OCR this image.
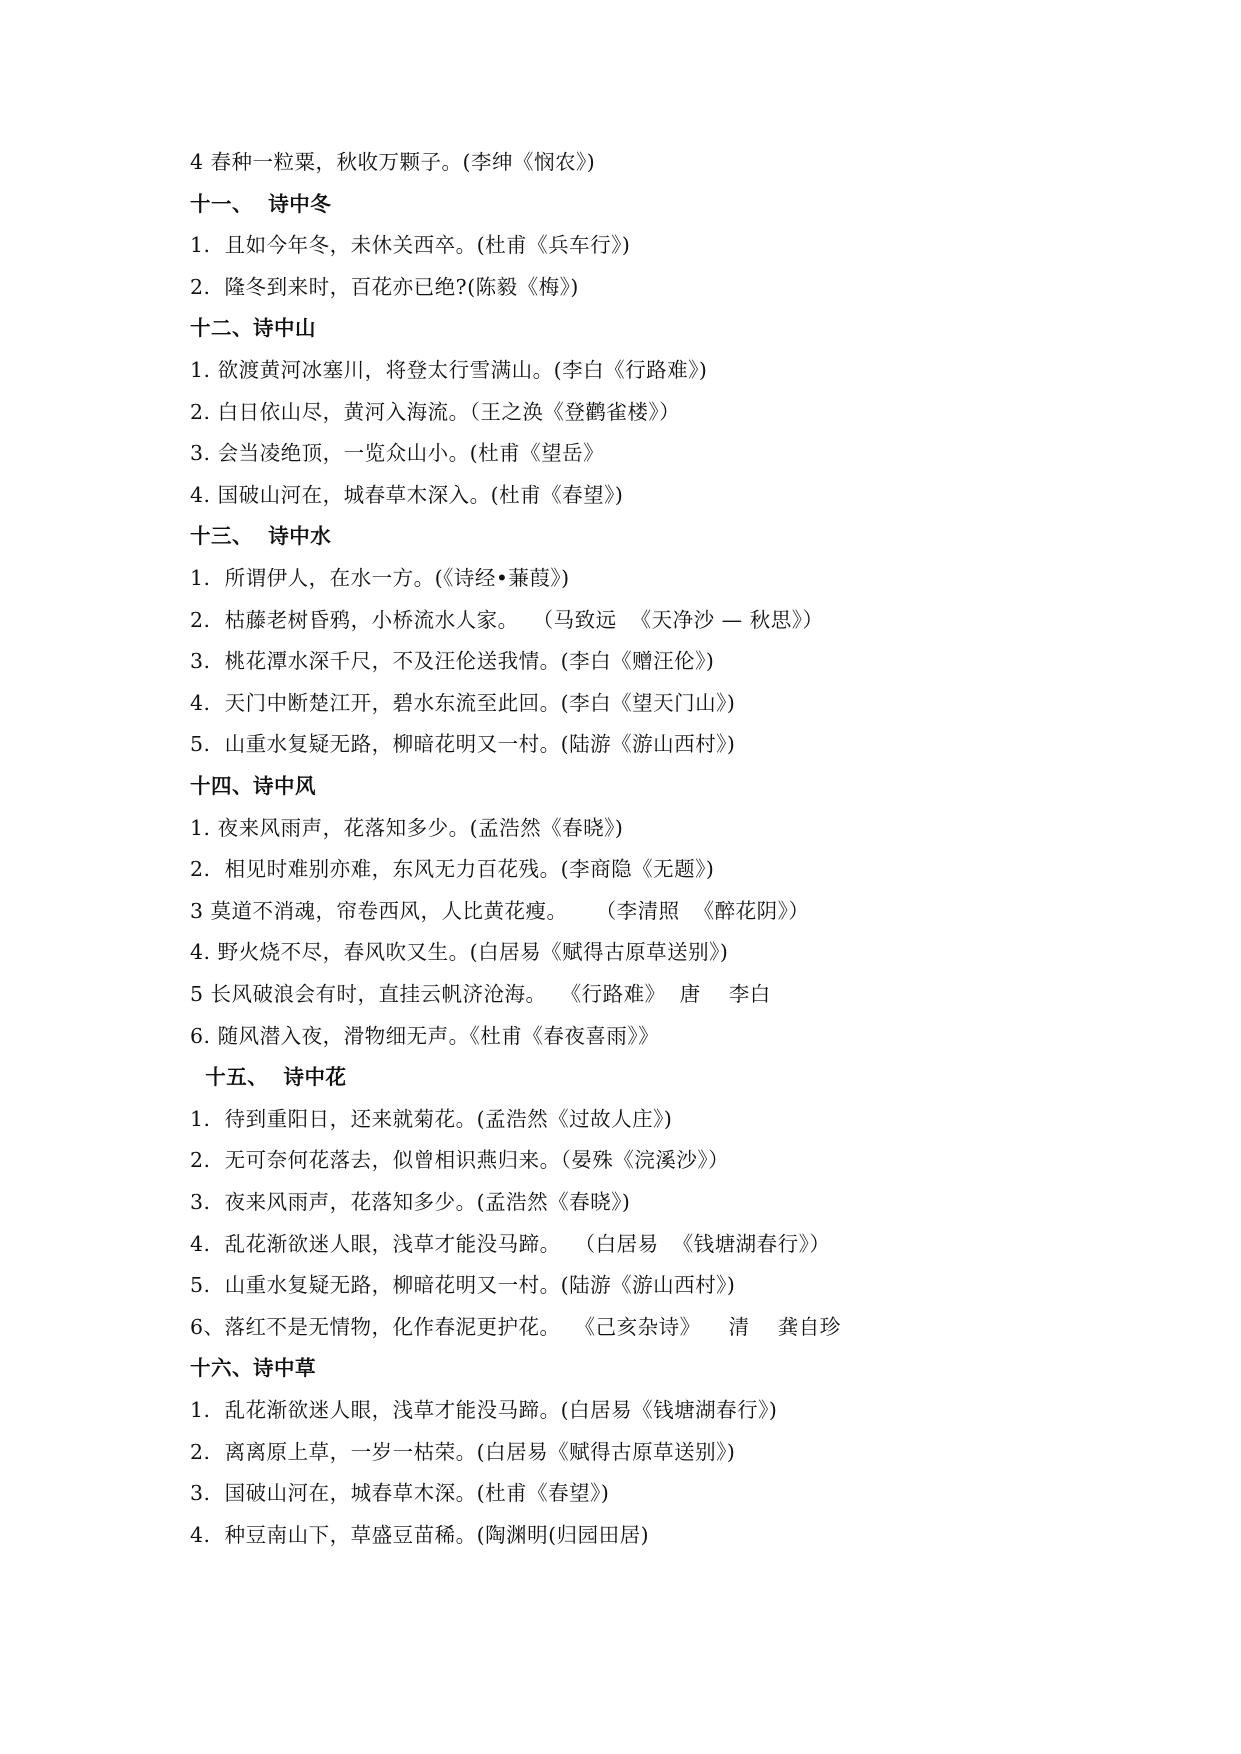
4 春种一粒粟，秋收万颗子。(李绅《悯农》)
十一、  诗中冬
1.  且如今年冬，未休关西卒。(杜甫《兵车行》)
2.  隆冬到来时，百花亦已绝?(陈毅《梅》)
十二、诗中山
1. 欲渡黄河冰塞川，将登太行雪满山。(李白《行路难》)
2. 白日依山尽，黄河入海流。（王之涣《登鹳雀楼》）
3. 会当凌绝顶，一览众山小。(杜甫《望岳》
4. 国破山河在，城春草木深入。(杜甫《春望》)
十三、  诗中水
1.  所谓伊人，在水一方。(《诗经•蒹葭》)
2.  枯藤老树昏鸦，小桥流水人家。  （马致远  《天净沙 — 秋思》）
3.  桃花潭水深千尺，不及汪伦送我情。(李白《赠汪伦》)
4.  天门中断楚江开，碧水东流至此回。(李白《望天门山》)
5.  山重水复疑无路，柳暗花明又一村。(陆游《游山西村》)
十四、诗中风
1. 夜来风雨声，花落知多少。(孟浩然《春晓》)
2.  相见时难别亦难，东风无力百花残。(李商隐《无题》)
3 莫道不消魂，帘卷西风，人比黄花瘦。    （李清照  《醉花阴》）
4. 野火烧不尽，春风吹又生。(白居易《赋得古原草送别》)
5 长风破浪会有时，直挂云帆济沧海。  《行路难》  唐    李白
6. 随风潜入夜，滑物细无声。《杜甫《春夜喜雨》》
十五、  诗中花
1.  待到重阳日，还来就菊花。(孟浩然《过故人庄》)
2.  无可奈何花落去，似曾相识燕归来。（晏殊《浣溪沙》）
3.  夜来风雨声，花落知多少。(孟浩然《春晓》)
4.  乱花渐欲迷人眼，浅草才能没马蹄。  （白居易  《钱塘湖春行》）
5.  山重水复疑无路，柳暗花明又一村。(陆游《游山西村》)
6、落红不是无情物，化作春泥更护花。  《己亥杂诗》    清    龚自珍
十六、诗中草
1.  乱花渐欲迷人眼，浅草才能没马蹄。(白居易《钱塘湖春行》)
2.  离离原上草，一岁一枯荣。(白居易《赋得古原草送别》)
3.  国破山河在，城春草木深。(杜甫《春望》)
4.  种豆南山下，草盛豆苗稀。(陶渊明(归园田居)
